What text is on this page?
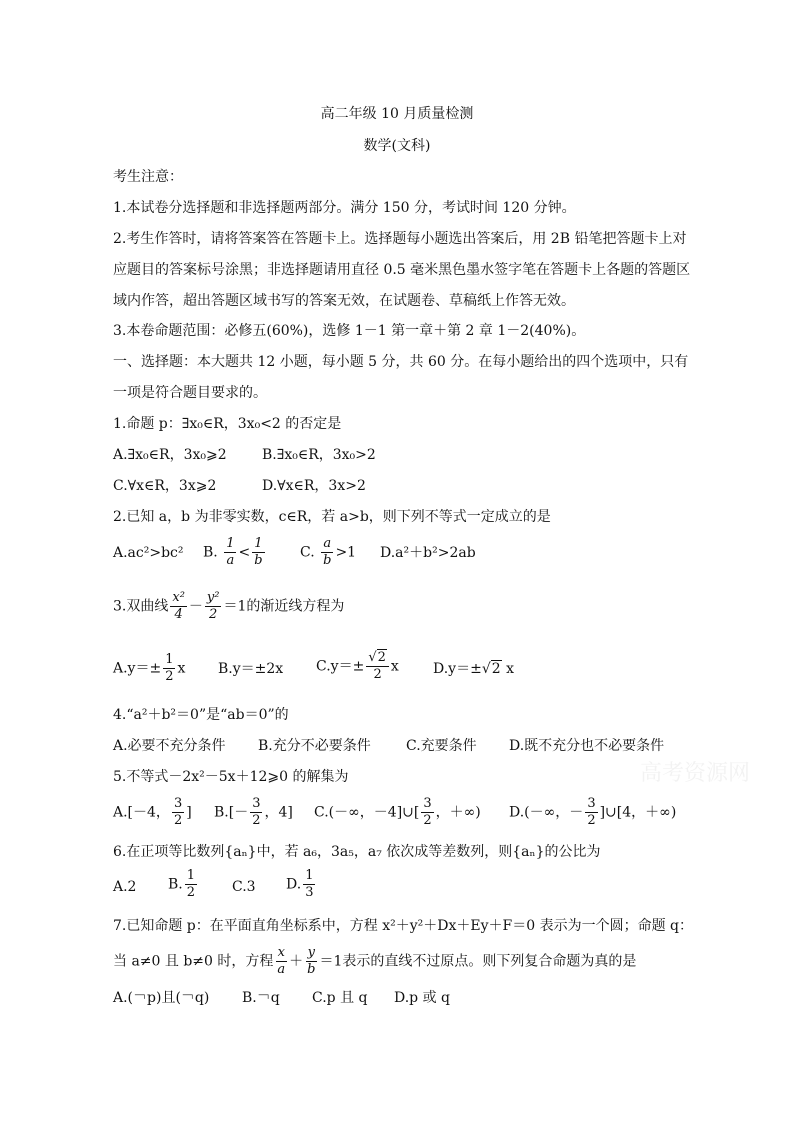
高二年级 10 月质量检测
数学(文科)
考生注意：
1.本试卷分选择题和非选择题两部分。满分 150 分，考试时间 120 分钟。
2.考生作答时，请将答案答在答题卡上。选择题每小题选出答案后，用 2B 铅笔把答题卡上对
应题目的答案标号涂黑；非选择题请用直径 0.5 毫米黑色墨水签字笔在答题卡上各题的答题区
域内作答，超出答题区域书写的答案无效，在试题卷、草稿纸上作答无效。
3.本卷命题范围：必修五(60%)，选修 1－1 第一章＋第 2 章 1－2(40%)。
一、选择题：本大题共 12 小题，每小题 5 分，共 60 分。在每小题给出的四个选项中，只有
一项是符合题目要求的。
1.命题 p：∃x₀∈R，3x₀<2 的否定是
A.∃x₀∈R，3x₀⩾2	B.∃x₀∈R，3x₀>2
C.∀x∈R，3x⩾2	D.∀x∈R，3x>2
2.已知 a，b 为非零实数，c∈R，若 a>b，则下列不等式一定成立的是
A.ac²>bc² B. $\frac{1}{a} < \frac{1}{b}$	C. $\frac{a}{b} >1$ D.a²＋b²>2ab
3.双曲线 $\frac{\text{x²}}{4} - \frac{\text{y²}}{2} =1$的渐近线方程为
$A.y=\pm \frac{1}{2}$ x B.y＝±2x $C.y=\pm \frac{√2}{2}$ x D.y＝±√2 x
4.“a²＋b²＝0”是“ab＝0”的
A.必要不充分条件 B.充分不必要条件	C.充要条件 D.既不充分也不必要条件
5.不等式－2x²－5x＋12⩾0 的解集为
A.[－4， $\frac{3}{2}$ ] $B.[- \frac{3}{2}$ ，4] C.(－∞，－4]∪[ $\frac{3}{2}$ ，＋∞) D.(－∞，－ $\frac{3}{2}$ ]∪[4，＋∞)
6.在正项等比数列{aₙ}中，若 a₆，3a₅，a₇ 依次成等差数列，则{aₙ}的公比为
A.2 B. $\frac{1}{2} C.3$ D. $\frac{1}{3}$
7.已知命题 p：在平面直角坐标系中，方程 x²＋y²＋Dx＋Ey＋F＝0 表示为一个圆；命题 q：
当 a≠0 且 b≠0 时，方程 $\frac{x}{a} + \frac{y}{b} =1$表示的直线不过原点。则下列复合命题为真的是
A.(￢p)且(￢q) B.￢q C.p 且 q D.p 或 q
高考资源网
